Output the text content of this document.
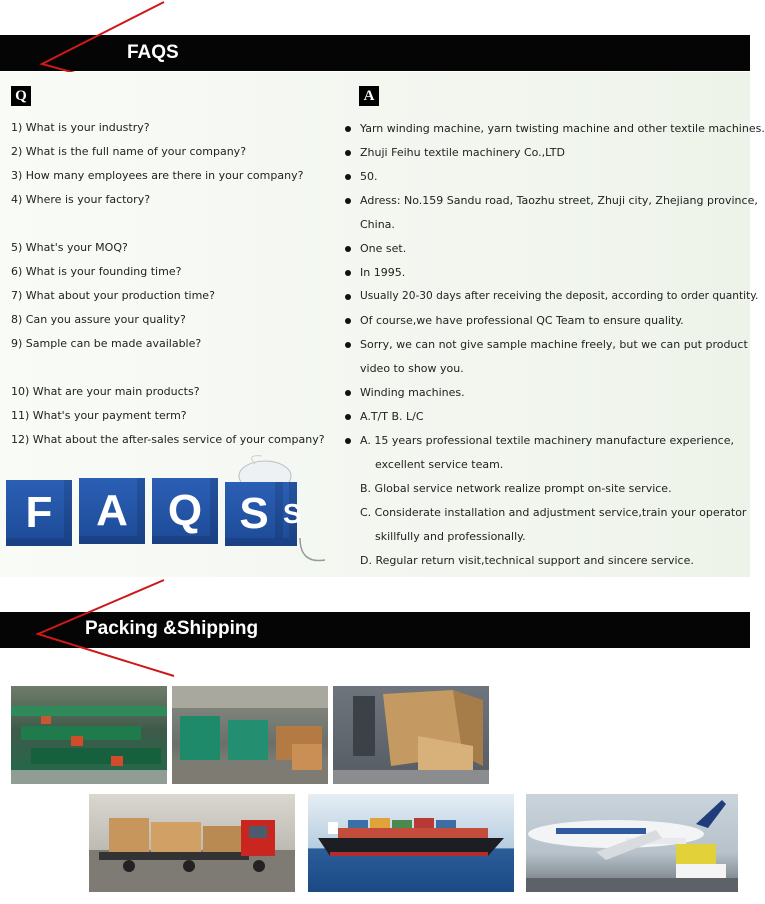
FAQS
Q	A
1) What is your industry?
2) What is the full name of your company?
3) How many employees are there in your company?
4) Where is your factory?
5) What's your MOQ?
6) What is your founding time?
7) What about your production time?
8) Can you assure your quality?
9) Sample can be made available?
10) What are your main products?
11) What's your payment term?
12) What about the after-sales service of your company?
Yarn winding machine, yarn twisting machine and other textile machines.
Zhuji Feihu textile machinery Co.,LTD
50.
Adress: No.159 Sandu road, Taozhu street, Zhuji city, Zhejiang province,
China.
One set.
In 1995.
Usually 20-30 days after receiving the deposit, according to order quantity.
Of course,we have professional QC Team to ensure quality.
Sorry, we can not give sample machine freely, but we can put product
video to show you.
Winding machines.
A.T/T B. L/C
A. 15 years professional textile machinery manufacture experience,
excellent service team.
B. Global service network realize prompt on-site service.
C. Considerate installation and adjustment service,train your operator
skillfully and professionally.
D. Regular return visit,technical support and sincere service.
F A Q S S
Packing &Shipping
